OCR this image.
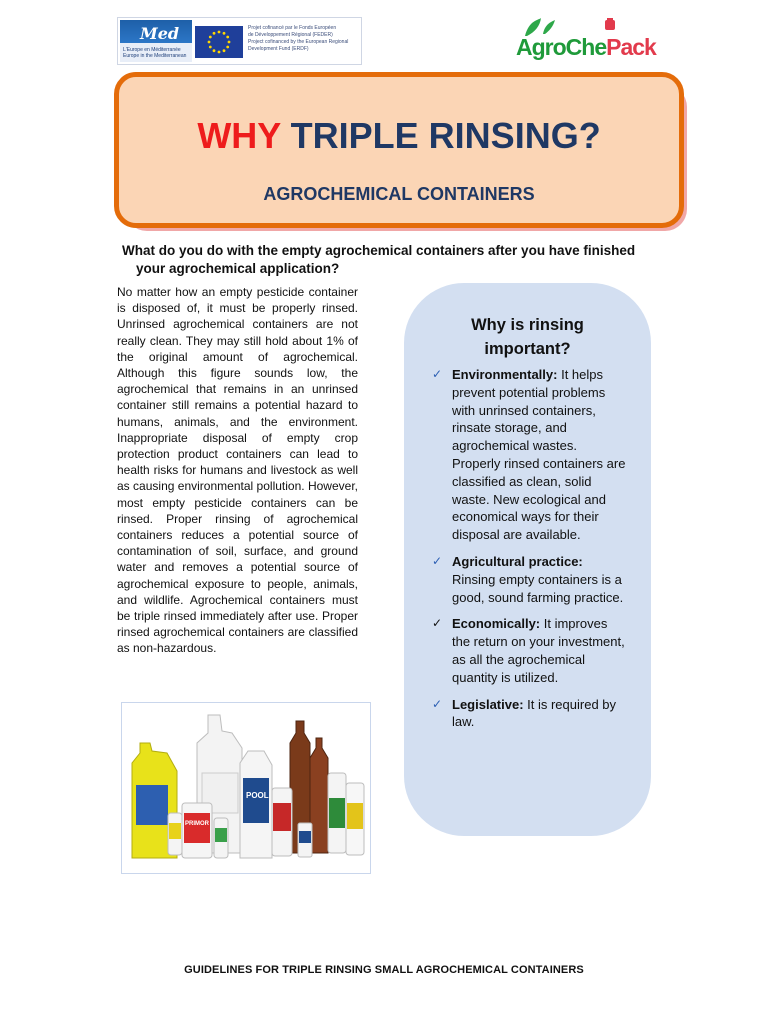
Med
L'Europe en Méditerranée
Europe in the Mediterranean
Projet cofinancé par le Fonds Européen
de Développement Régional (FEDER)
Project cofinanced by the European Regional
Development Fund (ERDF)	AgroChePack
WHY TRIPLE RINSING?
AGROCHEMICAL CONTAINERS
What do you do with the empty agrochemical containers after you have finished
your agrochemical application?
No matter how an empty pesticide container is disposed of, it must be properly rinsed. Unrinsed agrochemical containers are not really clean. They may still hold about 1% of the original amount of agrochemical. Although this figure sounds low, the agrochemical that remains in an unrinsed container still remains a potential hazard to humans, animals, and the environment. Inappropriate disposal of empty crop protection product containers can lead to health risks for humans and livestock as well as causing environmental pollution. However, most empty pesticide containers can be rinsed. Proper rinsing of agrochemical containers reduces a potential source of contamination of soil, surface, and ground water and removes a potential source of agrochemical exposure to people, animals, and wildlife. Agrochemical containers must be triple rinsed immediately after use. Proper rinsed agrochemical containers are classified as non-hazardous.
POOL
PRIMOR
Why is rinsing
important?
✓ Environmentally: It helps prevent potential problems with unrinsed containers, rinsate storage, and agrochemical wastes. Properly rinsed containers are classified as clean, solid waste. New ecological and economical ways for their disposal are available.
✓ Agricultural practice: Rinsing empty containers is a good, sound farming practice.
✓ Economically: It improves the return on your investment, as all the agrochemical quantity is utilized.
✓ Legislative: It is required by law.
GUIDELINES FOR TRIPLE RINSING SMALL AGROCHEMICAL CONTAINERS
